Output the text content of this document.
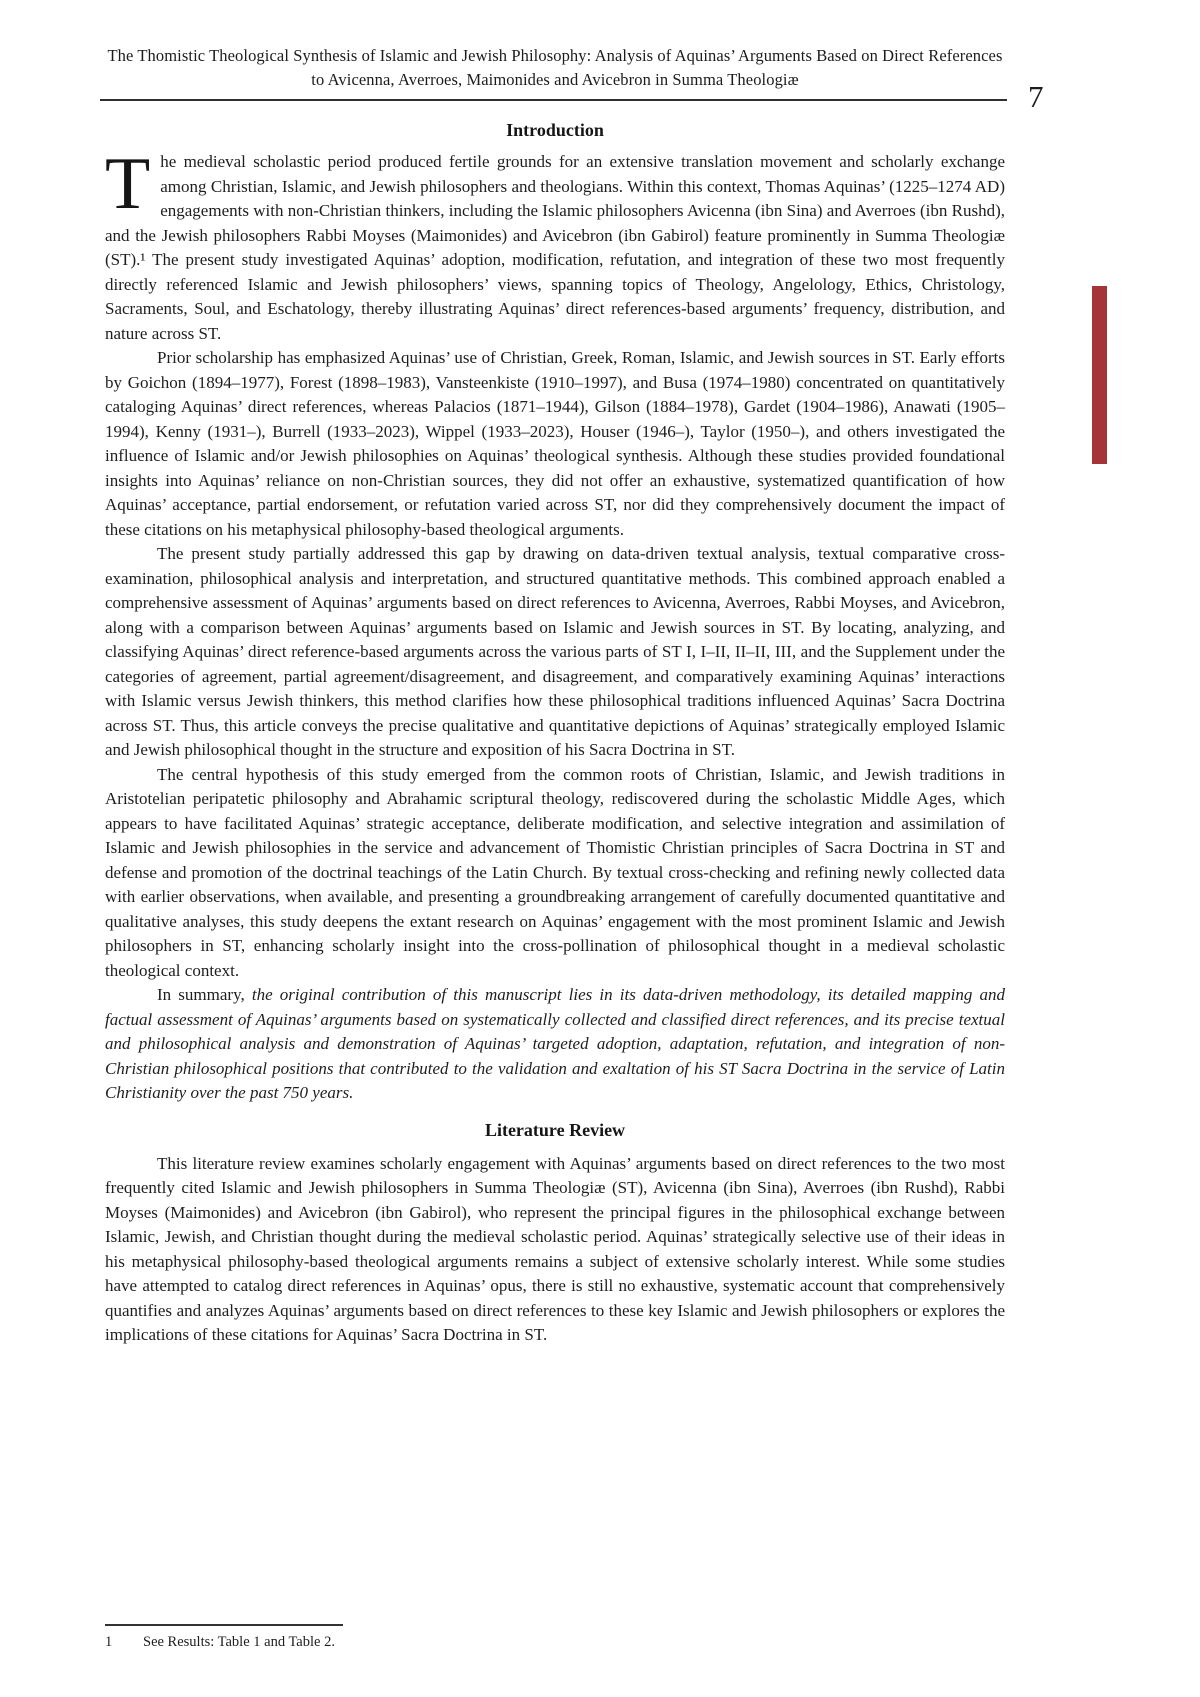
The Thomistic Theological Synthesis of Islamic and Jewish Philosophy: Analysis of Aquinas’ Arguments Based on Direct References to Avicenna, Averroes, Maimonides and Avicebron in Summa Theologiæ	7
Introduction

The medieval scholastic period produced fertile grounds for an extensive translation movement and scholarly exchange among Christian, Islamic, and Jewish philosophers and theologians. Within this context, Thomas Aquinas’ (1225–1274 AD) engagements with non-Christian thinkers, including the Islamic philosophers Avicenna (ibn Sina) and Averroes (ibn Rushd), and the Jewish philosophers Rabbi Moyses (Maimonides) and Avicebron (ibn Gabirol) feature prominently in Summa Theologiæ (ST).¹ The present study investigated Aquinas’ adoption, modification, refutation, and integration of these two most frequently directly referenced Islamic and Jewish philosophers’ views, spanning topics of Theology, Angelology, Ethics, Christology, Sacraments, Soul, and Eschatology, thereby illustrating Aquinas’ direct references-based arguments’ frequency, distribution, and nature across ST.

Prior scholarship has emphasized Aquinas’ use of Christian, Greek, Roman, Islamic, and Jewish sources in ST. Early efforts by Goichon (1894–1977), Forest (1898–1983), Vansteenkiste (1910–1997), and Busa (1974–1980) concentrated on quantitatively cataloging Aquinas’ direct references, whereas Palacios (1871–1944), Gilson (1884–1978), Gardet (1904–1986), Anawati (1905–1994), Kenny (1931–), Burrell (1933–2023), Wippel (1933–2023), Houser (1946–), Taylor (1950–), and others investigated the influence of Islamic and/or Jewish philosophies on Aquinas’ theological synthesis. Although these studies provided foundational insights into Aquinas’ reliance on non-Christian sources, they did not offer an exhaustive, systematized quantification of how Aquinas’ acceptance, partial endorsement, or refutation varied across ST, nor did they comprehensively document the impact of these citations on his metaphysical philosophy-based theological arguments.

The present study partially addressed this gap by drawing on data-driven textual analysis, textual comparative cross-examination, philosophical analysis and interpretation, and structured quantitative methods. This combined approach enabled a comprehensive assessment of Aquinas’ arguments based on direct references to Avicenna, Averroes, Rabbi Moyses, and Avicebron, along with a comparison between Aquinas’ arguments based on Islamic and Jewish sources in ST. By locating, analyzing, and classifying Aquinas’ direct reference-based arguments across the various parts of ST I, I–II, II–II, III, and the Supplement under the categories of agreement, partial agreement/disagreement, and disagreement, and comparatively examining Aquinas’ interactions with Islamic versus Jewish thinkers, this method clarifies how these philosophical traditions influenced Aquinas’ Sacra Doctrina across ST. Thus, this article conveys the precise qualitative and quantitative depictions of Aquinas’ strategically employed Islamic and Jewish philosophical thought in the structure and exposition of his Sacra Doctrina in ST.

The central hypothesis of this study emerged from the common roots of Christian, Islamic, and Jewish traditions in Aristotelian peripatetic philosophy and Abrahamic scriptural theology, rediscovered during the scholastic Middle Ages, which appears to have facilitated Aquinas’ strategic acceptance, deliberate modification, and selective integration and assimilation of Islamic and Jewish philosophies in the service and advancement of Thomistic Christian principles of Sacra Doctrina in ST and defense and promotion of the doctrinal teachings of the Latin Church. By textual cross-checking and refining newly collected data with earlier observations, when available, and presenting a groundbreaking arrangement of carefully documented quantitative and qualitative analyses, this study deepens the extant research on Aquinas’ engagement with the most prominent Islamic and Jewish philosophers in ST, enhancing scholarly insight into the cross-pollination of philosophical thought in a medieval scholastic theological context.

In summary, the original contribution of this manuscript lies in its data-driven methodology, its detailed mapping and factual assessment of Aquinas’ arguments based on systematically collected and classified direct references, and its precise textual and philosophical analysis and demonstration of Aquinas’ targeted adoption, adaptation, refutation, and integration of non-Christian philosophical positions that contributed to the validation and exaltation of his ST Sacra Doctrina in the service of Latin Christianity over the past 750 years.

Literature Review

This literature review examines scholarly engagement with Aquinas’ arguments based on direct references to the two most frequently cited Islamic and Jewish philosophers in Summa Theologiæ (ST), Avicenna (ibn Sina), Averroes (ibn Rushd), Rabbi Moyses (Maimonides) and Avicebron (ibn Gabirol), who represent the principal figures in the philosophical exchange between Islamic, Jewish, and Christian thought during the medieval scholastic period. Aquinas’ strategically selective use of their ideas in his metaphysical philosophy-based theological arguments remains a subject of extensive scholarly interest. While some studies have attempted to catalog direct references in Aquinas’ opus, there is still no exhaustive, systematic account that comprehensively quantifies and analyzes Aquinas’ arguments based on direct references to these key Islamic and Jewish philosophers or explores the implications of these citations for Aquinas’ Sacra Doctrina in ST.

1 See Results: Table 1 and Table 2.
